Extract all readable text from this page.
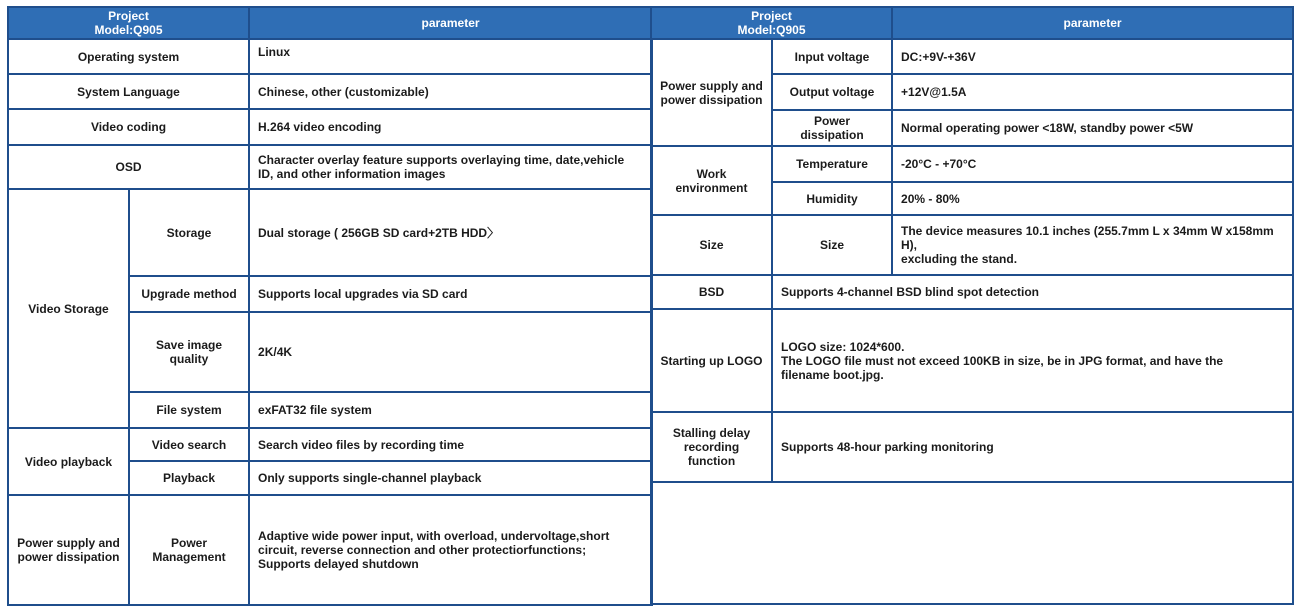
Project
Model:Q905		parameter
Operating system		Linux
System Language		Chinese, other (customizable)
Video coding		H.264 video encoding
OSD		Character overlay feature supports overlaying time, date,vehicle
ID, and other information images
Video Storage	Storage	Dual storage ( 256GB SD card+2TB HDD〉
	Upgrade method	Supports local upgrades via SD card
	Save image quality	2K/4K
	File system	exFAT32 file system
Video playback	Video search	Search video files by recording time
	Playback	Only supports single-channel playback
Power supply and
power dissipation	Power
Management	Adaptive wide power input, with overload, undervoltage,short
circuit, reverse connection and other protectiorfunctions;
Supports delayed shutdown
Project
Model:Q905		parameter
Power supply and
power dissipation	Input voltage	DC:+9V-+36V
	Output voltage	+12V@1.5A
	Power dissipation	Normal operating power <18W, standby power <5W
Work
environment	Temperature	-20°C - +70°C
	Humidity	20% - 80%
Size	Size	The device measures 10.1 inches (255.7mm L x 34mm W x158mm H),
excluding the stand.
BSD	Supports 4-channel BSD blind spot detection	
Starting up LOGO	LOGO size: 1024*600.
The LOGO file must not exceed 100KB in size, be in JPG format, and have the
filename boot.jpg.	
Stalling delay
recording function	Supports 48-hour parking monitoring	
